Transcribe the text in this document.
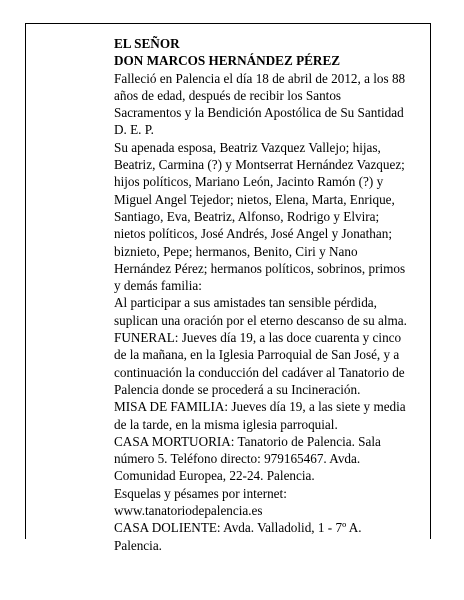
EL SEÑOR

DON MARCOS HERNÁNDEZ PÉREZ

Falleció en Palencia el día 18 de abril de 2012, a los 88
años de edad, después de recibir los Santos
Sacramentos y la Bendición Apostólica de Su Santidad
D. E. P.

Su apenada esposa, Beatriz Vazquez Vallejo; hijas,
Beatriz, Carmina (?) y Montserrat Hernández Vazquez;
hijos políticos, Mariano León, Jacinto Ramón (?) y
Miguel Angel Tejedor; nietos, Elena, Marta, Enrique,
Santiago, Eva, Beatriz, Alfonso, Rodrigo y Elvira;
nietos políticos, José Andrés, José Angel y Jonathan;
biznieto, Pepe; hermanos, Benito, Ciri y Nano
Hernández Pérez; hermanos políticos, sobrinos, primos
y demás familia:

Al participar a sus amistades tan sensible pérdida,
suplican una oración por el eterno descanso de su alma.

FUNERAL: Jueves día 19, a las doce cuarenta y cinco
de la mañana, en la Iglesia Parroquial de San José, y a
continuación la conducción del cadáver al Tanatorio de
Palencia donde se procederá a su Incineración.

MISA DE FAMILIA: Jueves día 19, a las siete y media
de la tarde, en la misma iglesia parroquial.

CASA MORTUORIA: Tanatorio de Palencia. Sala
número 5. Teléfono directo: 979165467. Avda.
Comunidad Europea, 22-24. Palencia.

Esquelas y pésames por internet:
www.tanatoriodepalencia.es

CASA DOLIENTE: Avda. Valladolid, 1 - 7º A.
Palencia.
